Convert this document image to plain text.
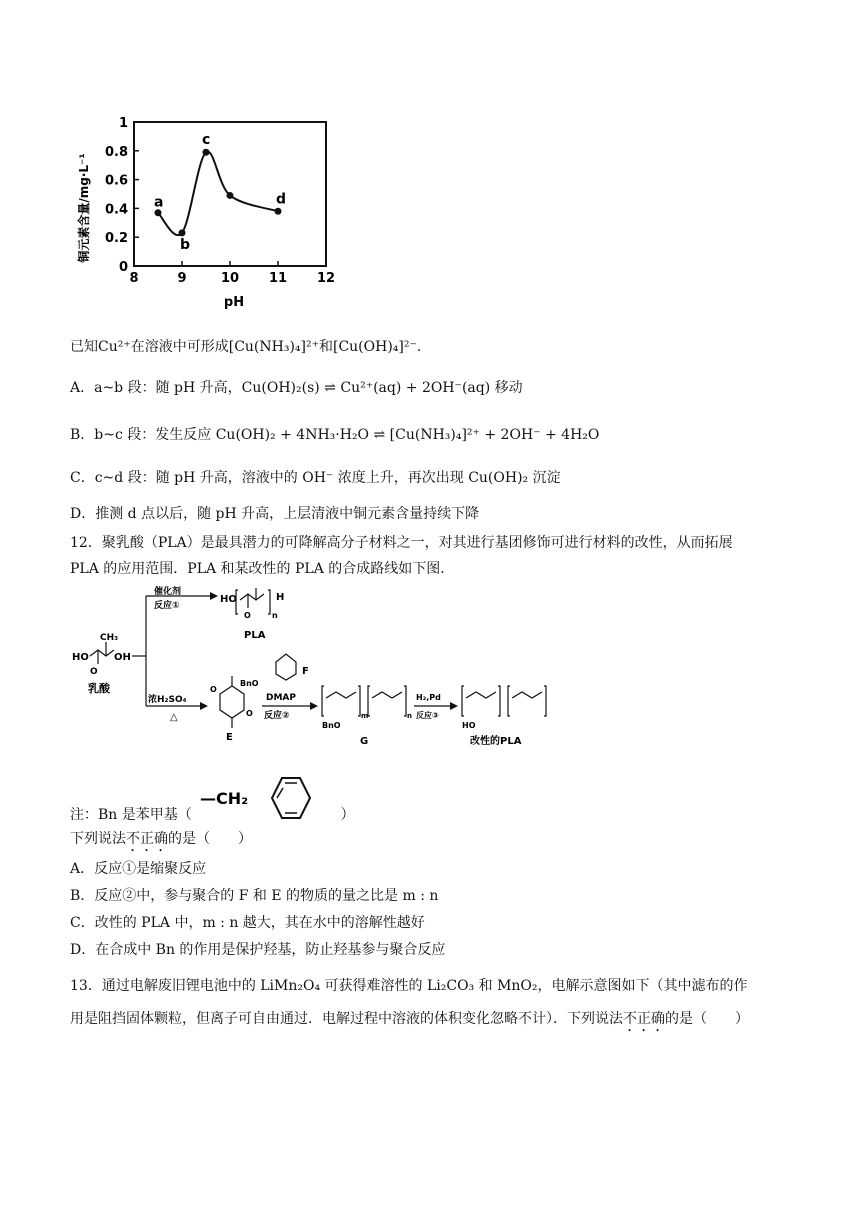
8	9	10 11 12
0
0.2
0.4
0.6
0.8
1
a
b
c
d
铜元素含量/mg·L⁻¹
pH
已知Cu²⁺在溶液中可形成[Cu(NH₃)₄]²⁺和[Cu(OH)₄]²⁻.
A．a~b 段：随 pH 升高，Cu(OH)₂(s) ⇌ Cu²⁺(aq) + 2OH⁻(aq) 移动
B．b~c 段：发生反应 Cu(OH)₂ + 4NH₃·H₂O ⇌ [Cu(NH₃)₄]²⁺ + 2OH⁻ + 4H₂O
C．c~d 段：随 pH 升高，溶液中的 OH⁻ 浓度上升，再次出现 Cu(OH)₂ 沉淀
D．推测 d 点以后，随 pH 升高，上层清液中铜元素含量持续下降
12．聚乳酸（PLA）是最具潜力的可降解高分子材料之一，对其进行基团修饰可进行材料的改性，从而拓展
PLA 的应用范围．PLA 和某改性的 PLA 的合成路线如下图．
HO
O
CH₃
OH
乳酸
催化剂
反应①
浓H₂SO₄
△
HO
O	n
H
PLA
O
O
E
BnO
F
DMAP
反应②	m	n
BnO
G
H₂,Pd
反应③
HO
改性的PLA
注：Bn 是苯甲基（	）
—CH₂
下列说法不正确的是（　　）
A．反应①是缩聚反应
B．反应②中，参与聚合的 F 和 E 的物质的量之比是 m : n
C．改性的 PLA 中，m : n 越大，其在水中的溶解性越好
D．在合成中 Bn 的作用是保护羟基，防止羟基参与聚合反应
13．通过电解废旧锂电池中的 LiMn₂O₄ 可获得难溶性的 Li₂CO₃ 和 MnO₂，电解示意图如下（其中滤布的作
用是阻挡固体颗粒，但离子可自由通过．电解过程中溶液的体积变化忽略不计）．下列说法不正确的是（　　）
